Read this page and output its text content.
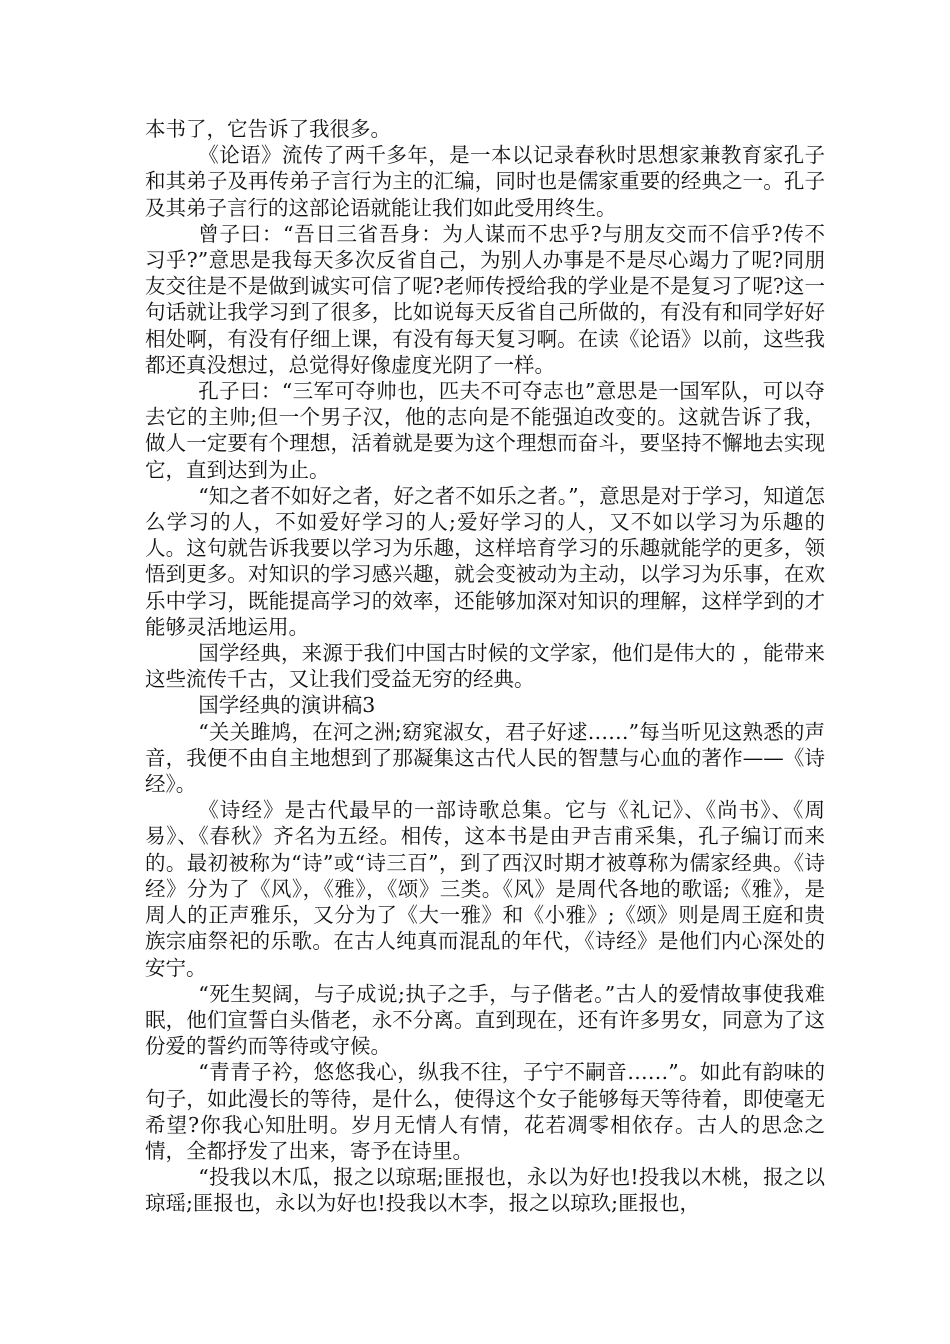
本书了，它告诉了我很多。

《论语》流传了两千多年，是一本以记录春秋时思想家兼教育家孔子和其弟子及再传弟子言行为主的汇编，同时也是儒家重要的经典之一。孔子及其弟子言行的这部论语就能让我们如此受用终生。

曾子曰：“吾日三省吾身：为人谋而不忠乎?与朋友交而不信乎?传不习乎?”意思是我每天多次反省自己，为别人办事是不是尽心竭力了呢?同朋友交往是不是做到诚实可信了呢?老师传授给我的学业是不是复习了呢?这一句话就让我学习到了很多，比如说每天反省自己所做的，有没有和同学好好相处啊，有没有仔细上课，有没有每天复习啊。在读《论语》以前，这些我都还真没想过，总觉得好像虚度光阴了一样。

孔子曰：“三军可夺帅也，匹夫不可夺志也”意思是一国军队，可以夺去它的主帅;但一个男子汉，他的志向是不能强迫改变的。这就告诉了我，做人一定要有个理想，活着就是要为这个理想而奋斗，要坚持不懈地去实现它，直到达到为止。

“知之者不如好之者，好之者不如乐之者。”，意思是对于学习，知道怎么学习的人，不如爱好学习的人;爱好学习的人，又不如以学习为乐趣的人。这句就告诉我要以学习为乐趣，这样培育学习的乐趣就能学的更多，领悟到更多。对知识的学习感兴趣，就会变被动为主动，以学习为乐事，在欢乐中学习，既能提高学习的效率，还能够加深对知识的理解，这样学到的才能够灵活地运用。

国学经典，来源于我们中国古时候的文学家，他们是伟大的 ，能带来这些流传千古，又让我们受益无穷的经典。

国学经典的演讲稿3

“关关雎鸠，在河之洲;窈窕淑女，君子好逑……”每当听见这熟悉的声音，我便不由自主地想到了那凝集这古代人民的智慧与心血的著作——《诗经》。

《诗经》是古代最早的一部诗歌总集。它与《礼记》、《尚书》、《周易》、《春秋》齐名为五经。相传，这本书是由尹吉甫采集，孔子编订而来的。最初被称为“诗”或“诗三百”，到了西汉时期才被尊称为儒家经典。《诗经》分为了《风》，《雅》，《颂》三类。《风》是周代各地的歌谣;《雅》，是周人的正声雅乐，又分为了《大一雅》和《小雅》;《颂》则是周王庭和贵族宗庙祭祀的乐歌。在古人纯真而混乱的年代，《诗经》是他们内心深处的安宁。

“死生契阔，与子成说;执子之手，与子偕老。”古人的爱情故事使我难眠，他们宣誓白头偕老，永不分离。直到现在，还有许多男女，同意为了这份爱的誓约而等待或守候。

“青青子衿，悠悠我心，纵我不往，子宁不嗣音……”。如此有韵味的句子，如此漫长的等待，是什么，使得这个女子能够每天等待着，即使毫无希望?你我心知肚明。岁月无情人有情，花若凋零相依存。古人的思念之情，全都抒发了出来，寄予在诗里。

“投我以木瓜，报之以琼琚;匪报也，永以为好也!投我以木桃，报之以琼瑶;匪报也，永以为好也!投我以木李，报之以琼玖;匪报也，
